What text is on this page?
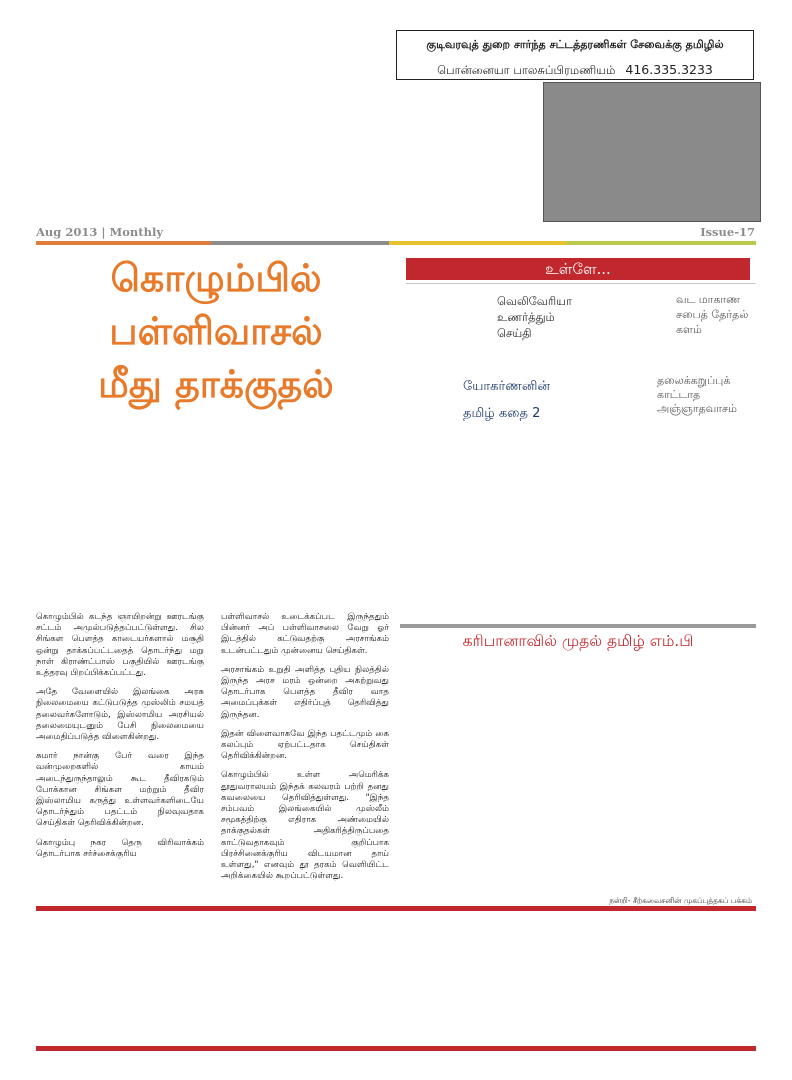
குடிவரவுத் துறை சார்ந்த சட்டத்தரணிகள் சேவைக்கு தமிழில்
பொன்னையா பாலசுப்பிரமணியம் 416.335.3233
Aug 2013 | Monthly	Issue-17
கொழும்பில்
பள்ளிவாசல்
மீது தாக்குதல்
உள்ளே...
வெலிவேரியா
உணர்த்தும்
செய்தி
வட மாகாண
சபைத் தேர்தல்
களம்
யோகர்ணனின்
தமிழ் கதை 2
தலைக்கறுப்புக்
காட்டாத
அஞ்ஞாதவாசம்

கொழும்பில் கடந்த ஞாயிறன்று ஊரடங்கு சட்டம் அமுல்படுத்தப்பட்டுள்ளது. சில சிங்கள பௌத்த காடையர்களால் மசூதி ஒன்று தாக்கப்பட்டதைத் தொடர்ந்து மறு நாள் கிராண்ட்பாஸ் பகுதியில் ஊரடங்கு உத்தரவு பிறப்பிக்கப்பட்டது.

அதே வேளையில் இலங்கை அரசு நிலைமையை கட்டுபடுத்த முஸ்லிம் சமயத் தலைவர்களோடும், இஸ்லாமிய அரசியல் தலைமையுடனும் பேசி நிலைமையை அமைதிப்படுத்த விளைகின்றது.

சுமார் நான்கு பேர் வரை இந்த வன்முறைகளில் காயம் அடைந்துருந்தாலும் கூட தீவிரகடும் போக்கான சிங்கள மற்றும் தீவிர இஸ்லாமிய கருத்து உள்ளவர்களிடையே தொடர்ந்தும் பதட்டம் நிலவுவதாக செய்திகள் தெரிவிக்கின்றன.

கொழும்பு நகர தெரு விரிவாக்கம் தொடர்பாக சர்ச்சைக்குரிய

பள்ளிவாசல் உடைக்கப்பட இருந்ததும் பின்னர் அப் பள்ளிவாசலை வேறு ஓர் இடத்தில் கட்டுவதற்கு அரசாங்கம் உடன்பட்டதும் முன்னைய செய்திகள்.

அரசாங்கம் உறுதி அளித்த புதிய நிலத்தில் இருந்த அரச மரம் ஒன்றை அகற்றுவது தொடர்பாக பௌத்த தீவிர வாத அமைப்புக்கள் எதிர்ப்புத் தெரிவித்து இருந்தன.

இதன் விளைவாகவே இந்த பதட்டமும் கை கலப்பும் ஏற்பட்டதாக செய்திகள் தெரிவிக்கின்றன.

கொழும்பில் உள்ள அமெரிக்க தூதுவராலயம் இந்தக் கலவரம் பற்றி தனது கவலையை தெரிவித்துள்ளது. "இந்த சம்பவம் இலங்கையில் முஸ்லீம் சமூகத்திற்கு எதிராக அண்மையில் தாக்குதல்கள் அதிகரித்திருப்பதை காட்டுவதாகவும் குறிப்பாக பிரச்சினைக்குரிய விடயமான தாய் உள்ளது," எனவும் தூ தரகம் வெளியிட்ட அறிக்கையில் கூறப்பட்டுள்ளது.

கரிபானாவில் முதல் தமிழ் எம்.பி
நன்றி- சீற்கவைசனின் முகப்புத்தகப் பக்கம்
